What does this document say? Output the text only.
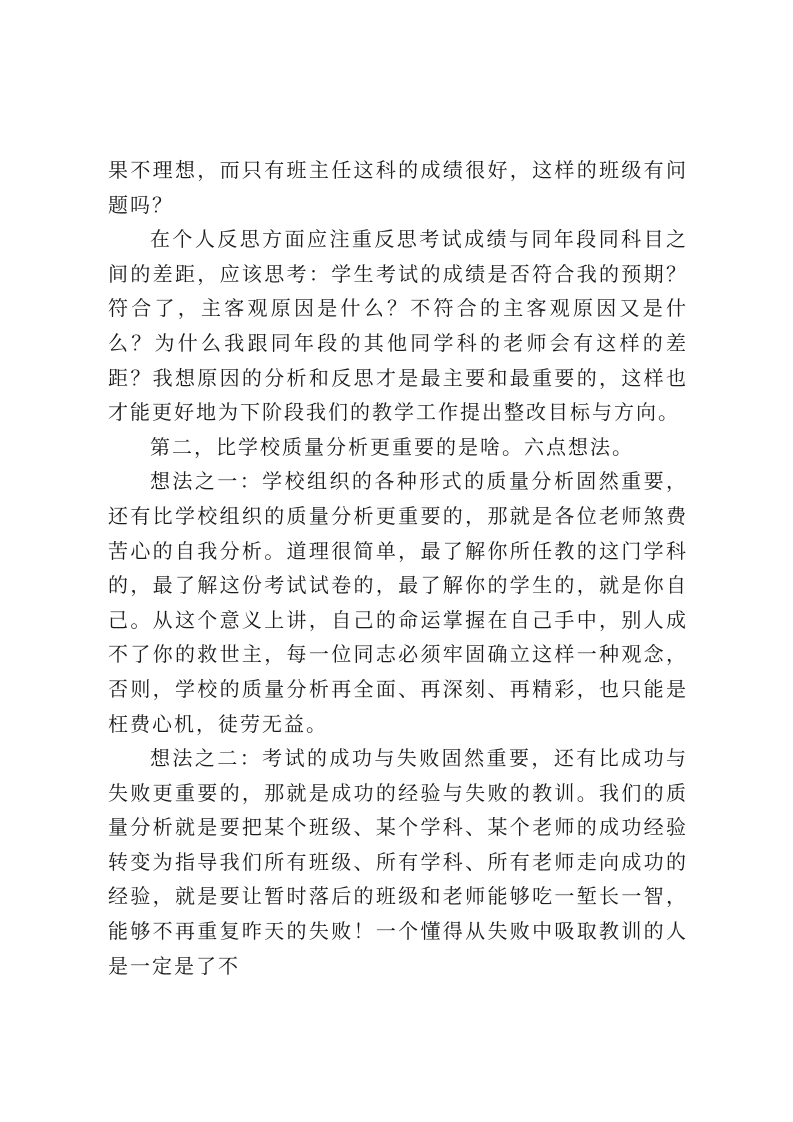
果不理想，而只有班主任这科的成绩很好，这样的班级有问题吗？

在个人反思方面应注重反思考试成绩与同年段同科目之间的差距，应该思考：学生考试的成绩是否符合我的预期？符合了，主客观原因是什么？不符合的主客观原因又是什么？为什么我跟同年段的其他同学科的老师会有这样的差距？我想原因的分析和反思才是最主要和最重要的，这样也才能更好地为下阶段我们的教学工作提出整改目标与方向。

第二，比学校质量分析更重要的是啥。六点想法。

想法之一：学校组织的各种形式的质量分析固然重要，还有比学校组织的质量分析更重要的，那就是各位老师煞费苦心的自我分析。道理很简单，最了解你所任教的这门学科的，最了解这份考试试卷的，最了解你的学生的，就是你自己。从这个意义上讲，自己的命运掌握在自己手中，别人成不了你的救世主，每一位同志必须牢固确立这样一种观念，否则，学校的质量分析再全面、再深刻、再精彩，也只能是枉费心机，徒劳无益。

想法之二：考试的成功与失败固然重要，还有比成功与失败更重要的，那就是成功的经验与失败的教训。我们的质量分析就是要把某个班级、某个学科、某个老师的成功经验转变为指导我们所有班级、所有学科、所有老师走向成功的经验，就是要让暂时落后的班级和老师能够吃一堑长一智，能够不再重复昨天的失败！一个懂得从失败中吸取教训的人是一定是了不
